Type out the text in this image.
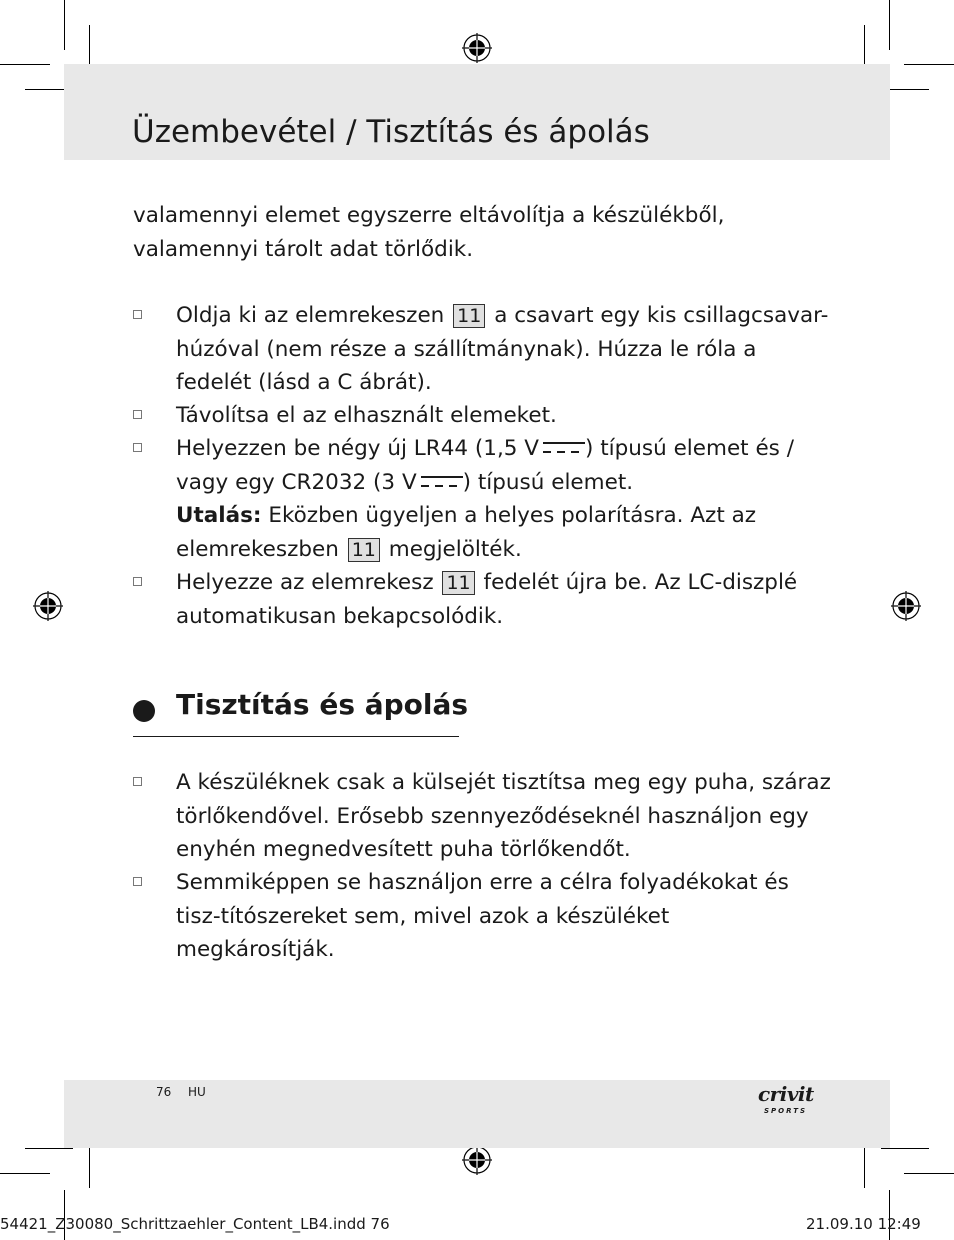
Üzembevétel / Tisztítás és ápolás

valamennyi elemet egyszerre eltávolítja a készülékből, valamennyi tárolt adat törlődik.

Oldja ki az elemrekeszen 11 a csavart egy kis csillagcsavar-húzóval (nem része a szállítmánynak). Húzza le róla a fedelét (lásd a C ábrát).
Távolítsa el az elhasznált elemeket.
Helyezzen be négy új LR44 (1,5 V ) típusú elemet és / vagy egy CR2032 (3 V ) típusú elemet.
Utalás: Eközben ügyeljen a helyes polarításra. Azt az elemrekeszben 11 megjelölték.
Helyezze az elemrekesz 11 fedelét újra be. Az LC-diszplé automatikusan bekapcsolódik.
Tisztítás és ápolás
A készüléknek csak a külsejét tisztítsa meg egy puha, száraz törlőkendővel. Erősebb szennyeződéseknél használjon egy enyhén megnedvesített puha törlőkendőt.
Semmiképpen se használjon erre a célra folyadékokat és tisz-títószereket sem, mivel azok a készüléket megkárosítják.
76 HU	crivit
SPORTS
54421_Z30080_Schrittzaehler_Content_LB4.indd 76	21.09.10 12:49
